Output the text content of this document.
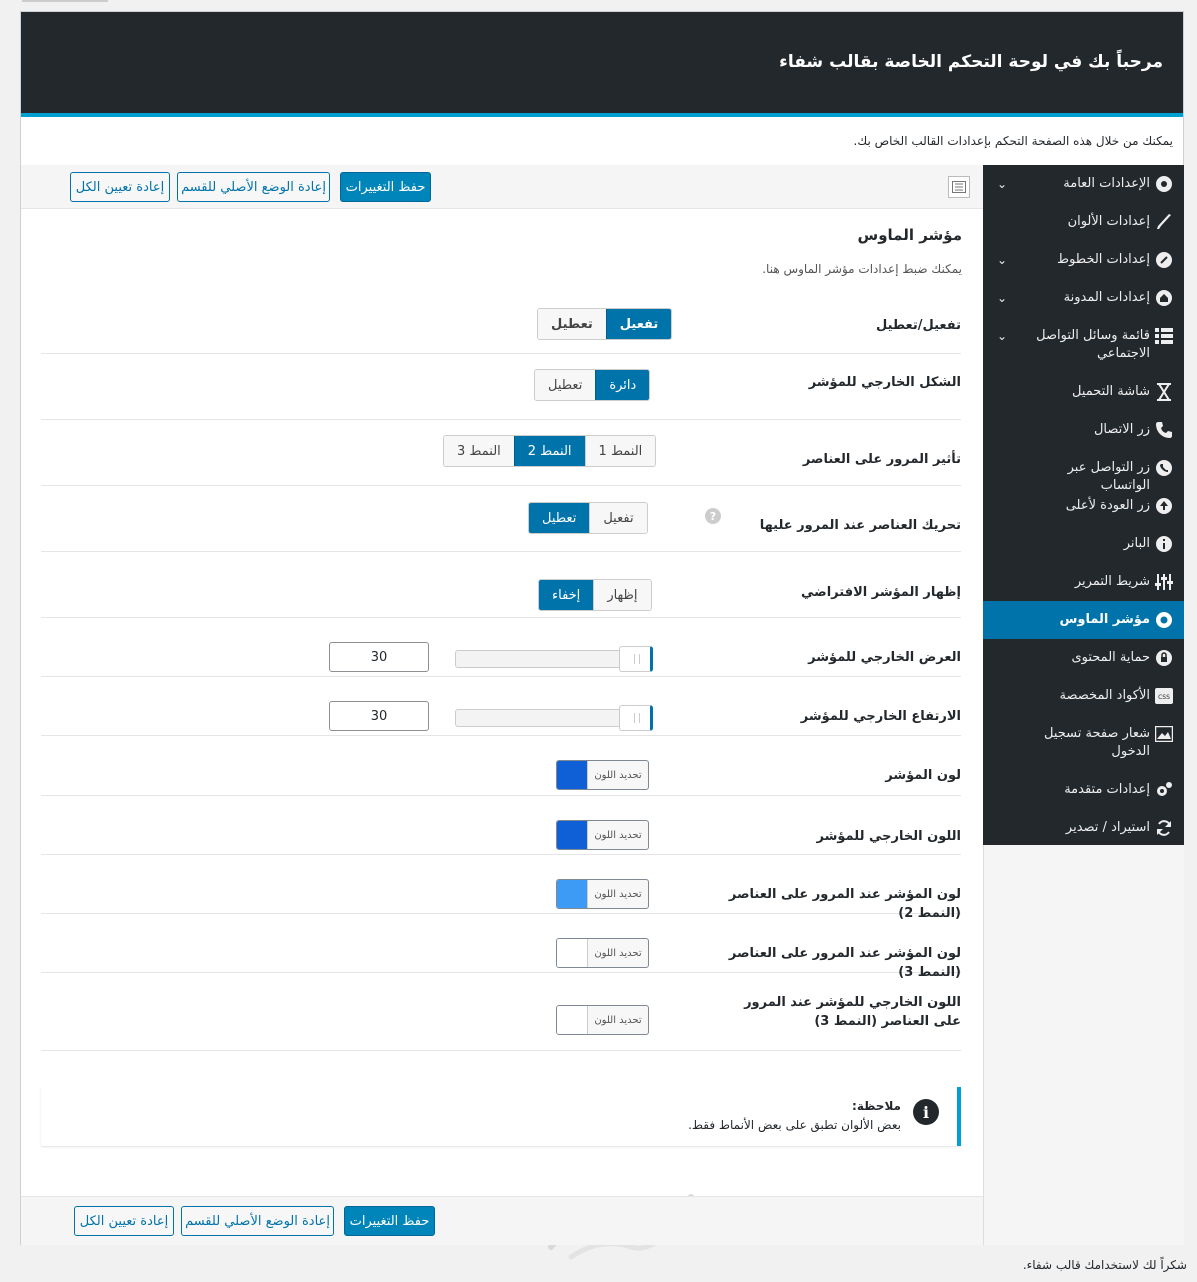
مرحباً بك في لوحة التحكم الخاصة بقالب شفاء
يمكنك من خلال هذه الصفحة التحكم بإعدادات القالب الخاص بك.
حفظ التغييرات
إعادة الوضع الأصلي للقسم
إعادة تعيين الكل	الإعدادات العامة
⌄
إعدادات الألوان
إعدادات الخطوط
⌄
إعدادات المدونة
⌄
قائمة وسائل التواصل الاجتماعي
⌄
شاشة التحميل
زر الاتصال
زر التواصل عبر الواتساب
زر العودة لأعلى
البانر
شريط التمرير
مؤشر الماوس
حماية المحتوى
CSS
الأكواد المخصصة
شعار صفحة تسجيل الدخول
إعدادات متقدمة
استيراد / تصدير
مؤشر الماوس
يمكنك ضبط إعدادات مؤشر الماوس هنا.
تفعيل/تعطيل
تفعيل
تعطيل
الشكل الخارجي للمؤشر
دائرة
تعطيل
تأثير المرور على العناصر
النمط 1
النمط 2
النمط 3
تحريك العناصر عند المرور عليها
?
تفعيل
تعطيل
إظهار المؤشر الافتراضي
إظهار
إخفاء
العرض الخارجي للمؤشر
30
الارتفاع الخارجي للمؤشر
30
لون المؤشر
تحديد اللون
اللون الخارجي للمؤشر
تحديد اللون
لون المؤشر عند المرور على العناصر (النمط 2)
تحديد اللون
لون المؤشر عند المرور على العناصر (النمط 3)
تحديد اللون
اللون الخارجي للمؤشر عند المرور على العناصر (النمط 3)
تحديد اللون
i
ملاحظة:
بعض الألوان تطبق على بعض الأنماط فقط.
حفظ التغييرات
إعادة الوضع الأصلي للقسم
إعادة تعيين الكل
شكراً لك لاستخدامك قالب شفاء.
